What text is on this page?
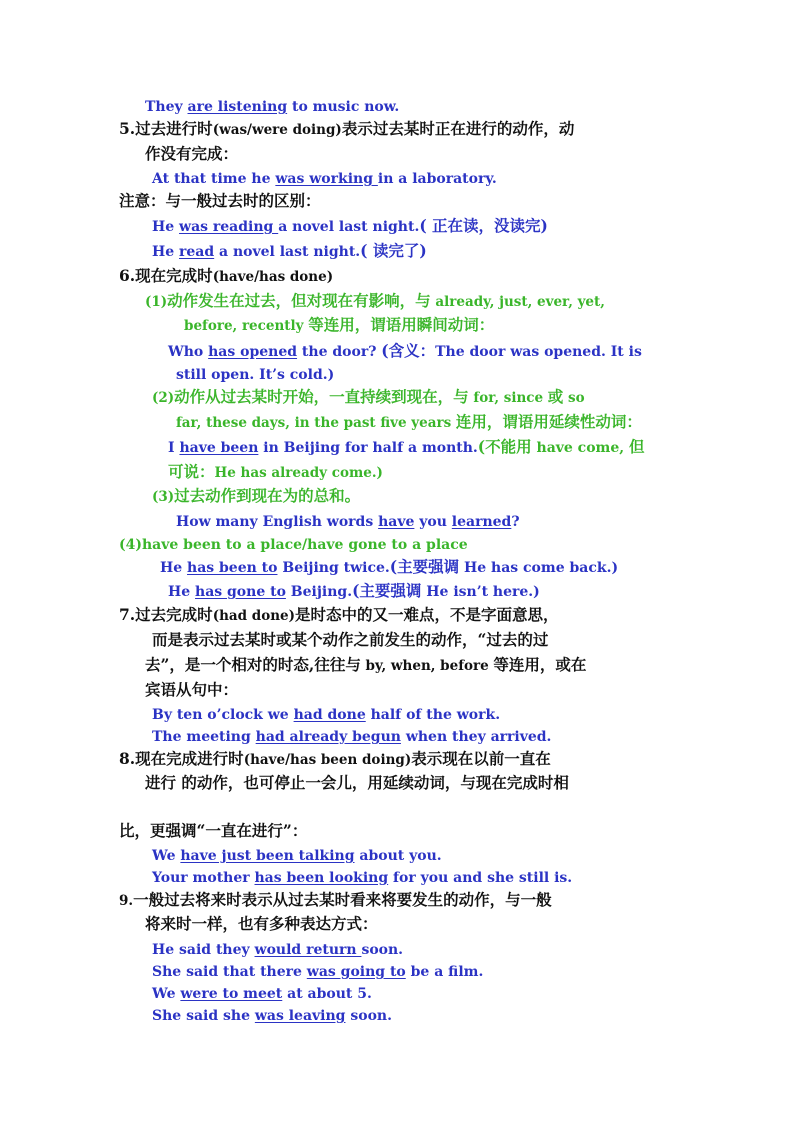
They are listening to music now.
5.过去进行时(was/were doing)表示过去某时正在进行的动作，动
作没有完成：
At that time he was working in a laboratory.
注意：与一般过去时的区别：
He was reading a novel last night.( 正在读，没读完)
He read a novel last night.( 读完了)
6.现在完成时(have/has done)
(1)动作发生在过去，但对现在有影响，与 already, just, ever, yet,
before, recently 等连用，谓语用瞬间动词：
Who has opened the door? (含义：The door was opened. It is
still open. It’s cold.)
(2)动作从过去某时开始，一直持续到现在，与 for, since 或 so
far, these days, in the past five years 连用，谓语用延续性动词：
I have been in Beijing for half a month.(不能用 have come, 但
可说：He has already come.)
(3)过去动作到现在为的总和。
How many English words have you learned?
(4)have been to a place/have gone to a place
He has been to Beijing twice.(主要强调 He has come back.)
He has gone to Beijing.(主要强调 He isn’t here.)
7.过去完成时(had done)是时态中的又一难点，不是字面意思，
而是表示过去某时或某个动作之前发生的动作，“过去的过
去”，是一个相对的时态,往往与 by, when, before 等连用，或在
宾语从句中：
By ten o’clock we had done half of the work.
The meeting had already begun when they arrived.
8.现在完成进行时(have/has been doing)表示现在以前一直在
进行 的动作，也可停止一会儿，用延续动词，与现在完成时相
比，更强调“一直在进行”：
We have just been talking about you.
Your mother has been looking for you and she still is.
9.一般过去将来时表示从过去某时看来将要发生的动作，与一般
将来时一样，也有多种表达方式：
He said they would return soon.
She said that there was going to be a film.
We were to meet at about 5.
She said she was leaving soon.
